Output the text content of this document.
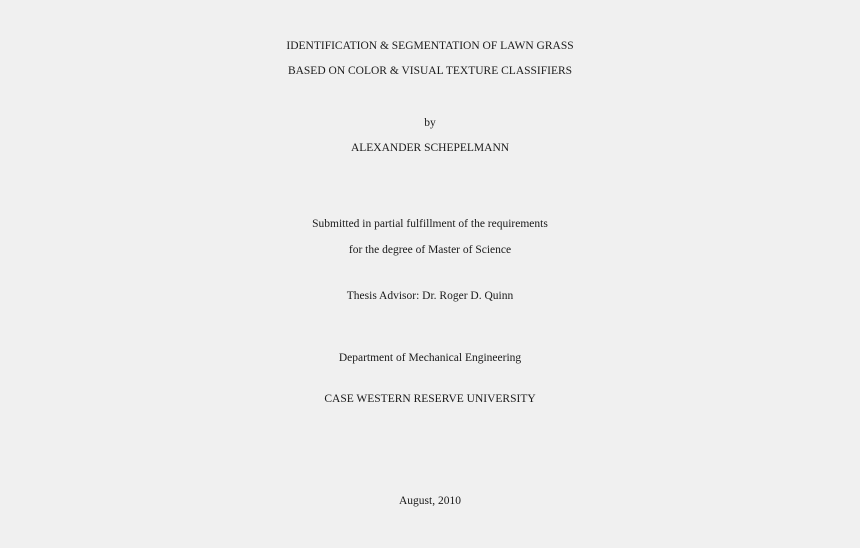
IDENTIFICATION & SEGMENTATION OF LAWN GRASS
BASED ON COLOR & VISUAL TEXTURE CLASSIFIERS
by
ALEXANDER SCHEPELMANN
Submitted in partial fulfillment of the requirements
for the degree of Master of Science
Thesis Advisor: Dr. Roger D. Quinn
Department of Mechanical Engineering
CASE WESTERN RESERVE UNIVERSITY
August, 2010
